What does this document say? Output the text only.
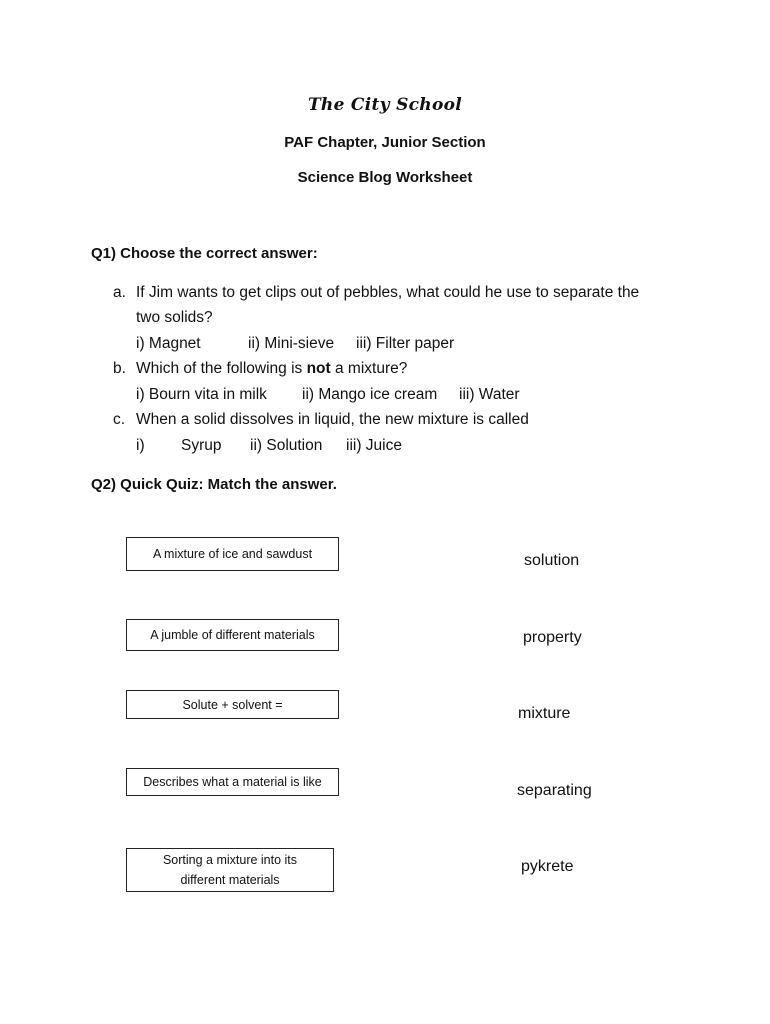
The City School
PAF Chapter, Junior Section
Science Blog Worksheet
Q1) Choose the correct answer:
a. If Jim wants to get clips out of pebbles, what could he use to separate the
two solids?
i) Magnet	ii) Mini-sieve iii) Filter paper
b. Which of the following is not a mixture?
i) Bourn vita in milk ii) Mango ice cream iii) Water
c. When a solid dissolves in liquid, the new mixture is called
i) Syrup ii) Solution iii) Juice
Q2) Quick Quiz: Match the answer.
A mixture of ice and sawdust
A jumble of different materials
Solute + solvent =
Describes what a material is like
Sorting a mixture into its
different materials
solution
property
mixture
separating
pykrete
